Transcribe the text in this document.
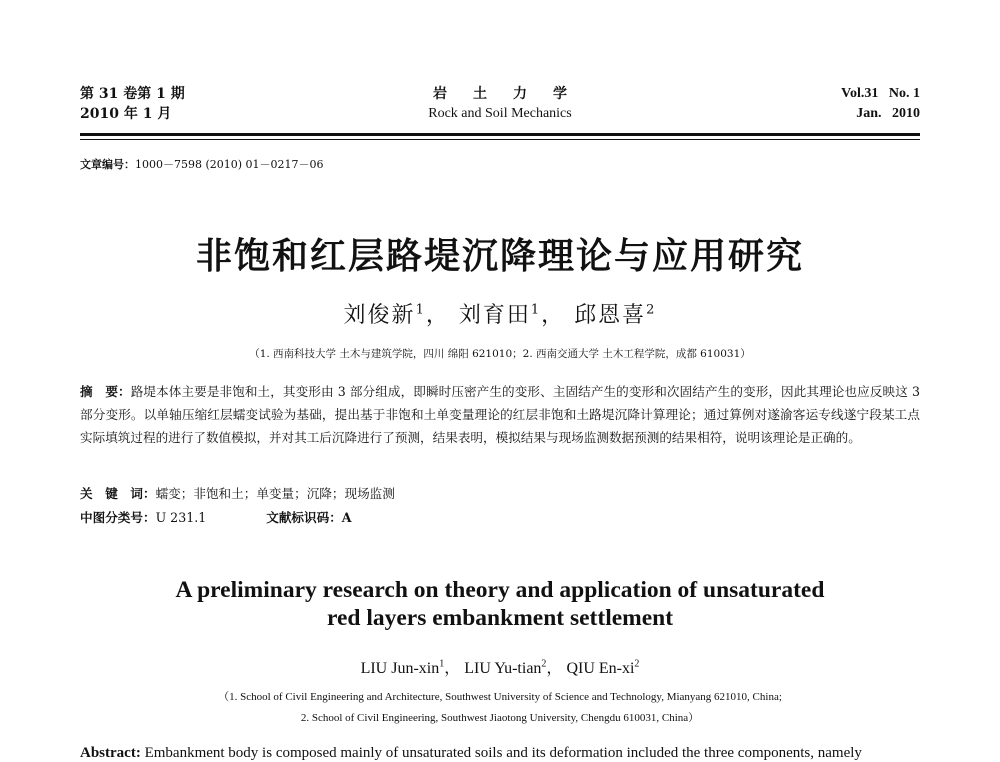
第 31 卷第 1 期
2010 年 1 月
岩土力学
Rock and Soil Mechanics
Vol.31   No. 1
Jan.   2010
文章编号：1000－7598 (2010) 01－0217－06
非饱和红层路堤沉降理论与应用研究
刘俊新$^1$， 刘育田$^1$， 邱恩喜$^2$
（1. 西南科技大学 土木与建筑学院，四川 绵阳 621010；2. 西南交通大学 土木工程学院，成都 610031）
摘　要：路堤本体主要是非饱和土，其变形由 3 部分组成，即瞬时压密产生的变形、主固结产生的变形和次固结产生的变形，因此其理论也应反映这 3 部分变形。以单轴压缩红层蠕变试验为基础，提出基于非饱和土单变量理论的红层非饱和土路堤沉降计算理论；通过算例对遂渝客运专线遂宁段某工点实际填筑过程的进行了数值模拟，并对其工后沉降进行了预测，结果表明，模拟结果与现场监测数据预测的结果相符，说明该理论是正确的。
关　键　词：蠕变；非饱和土；单变量；沉降；现场监测
中图分类号：U 231.1	文献标识码：A
A preliminary research on theory and application of unsaturated
red layers embankment settlement
LIU Jun-xin$^1$， LIU Yu-tian$^2$， QIU $En-xi^2$
（1. School of Civil Engineering and Architecture, Southwest University of Science and Technology, Mianyang 621010, China;
2. School of Civil Engineering, Southwest Jiaotong University, Chengdu 610031, China）
Abstract: Embankment body is composed mainly of unsaturated soils and its deformation included the three components, namely
